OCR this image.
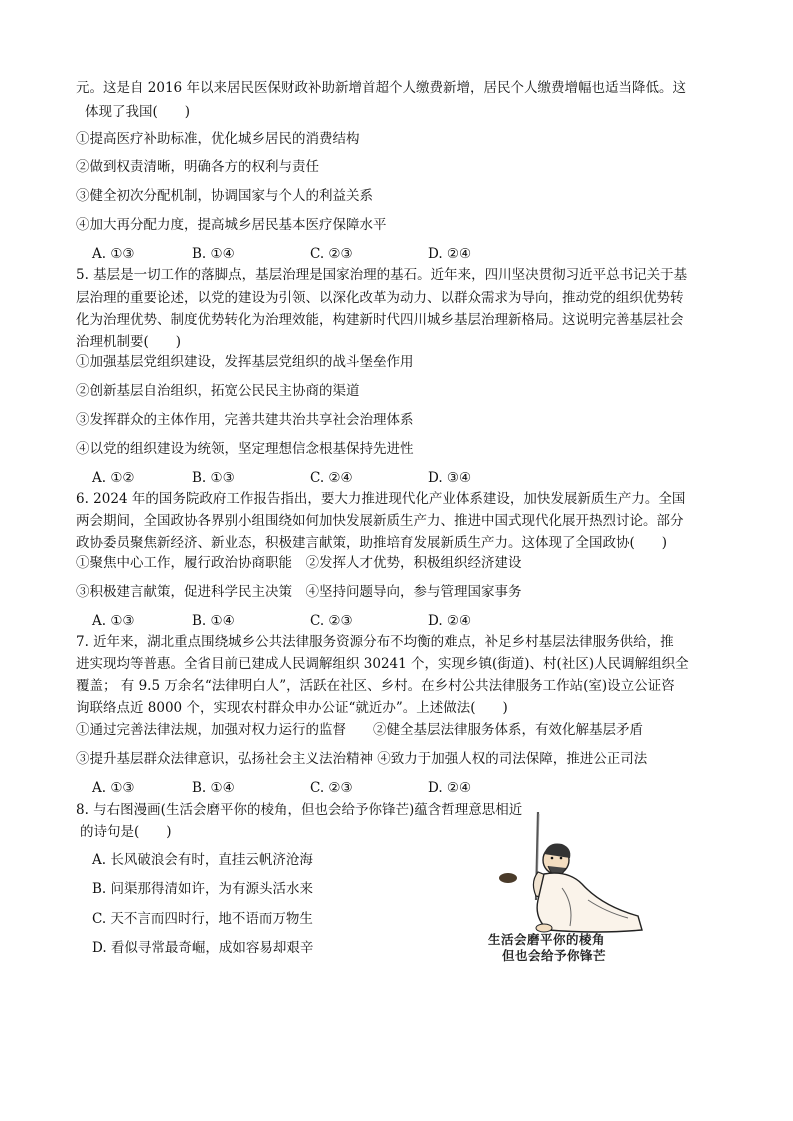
元。这是自 2016 年以来居民医保财政补助新增首超个人缴费新增，居民个人缴费增幅也适当降低。这
体现了我国(　　)
①提高医疗补助标准，优化城乡居民的消费结构
②做到权责清晰，明确各方的权利与责任
③健全初次分配机制，协调国家与个人的利益关系
④加大再分配力度，提高城乡居民基本医疗保障水平
A. ①③	B. ①④	C. ②③	D. ②④
5. 基层是一切工作的落脚点，基层治理是国家治理的基石。近年来，四川坚决贯彻习近平总书记关于基
层治理的重要论述，以党的建设为引领、以深化改革为动力、以群众需求为导向，推动党的组织优势转
化为治理优势、制度优势转化为治理效能，构建新时代四川城乡基层治理新格局。这说明完善基层社会
治理机制要(　　)
①加强基层党组织建设，发挥基层党组织的战斗堡垒作用
②创新基层自治组织，拓宽公民民主协商的渠道
③发挥群众的主体作用，完善共建共治共享社会治理体系
④以党的组织建设为统领，坚定理想信念根基保持先进性
A. ①②	B. ①③	C. ②④	D. ③④
6. 2024 年的国务院政府工作报告指出，要大力推进现代化产业体系建设，加快发展新质生产力。全国
两会期间，全国政协各界别小组围绕如何加快发展新质生产力、推进中国式现代化展开热烈讨论。部分
政协委员聚焦新经济、新业态，积极建言献策，助推培育发展新质生产力。这体现了全国政协(　　)
①聚焦中心工作，履行政治协商职能　②发挥人才优势，积极组织经济建设
③积极建言献策，促进科学民主决策　④坚持问题导向，参与管理国家事务
A. ①③	B. ①④	C. ②③	D. ②④
7. 近年来，湖北重点围绕城乡公共法律服务资源分布不均衡的难点，补足乡村基层法律服务供给，推
进实现均等普惠。全省目前已建成人民调解组织 30241 个，实现乡镇(街道)、村(社区)人民调解组织全
覆盖； 有 9.5 万余名“法律明白人”，活跃在社区、乡村。在乡村公共法律服务工作站(室)设立公证咨
询联络点近 8000 个，实现农村群众申办公证“就近办”。上述做法(　　)
①通过完善法律法规，加强对权力运行的监督　　②健全基层法律服务体系，有效化解基层矛盾
③提升基层群众法律意识，弘扬社会主义法治精神 ④致力于加强人权的司法保障，推进公正司法
A. ①③	B. ①④	C. ②③	D. ②④
8. 与右图漫画(生活会磨平你的棱角，但也会给予你锋芒)蕴含哲理意思相近
的诗句是(　　)
A. 长风破浪会有时，直挂云帆济沧海
B. 问渠那得清如许，为有源头活水来
C. 天不言而四时行，地不语而万物生
D. 看似寻常最奇崛，成如容易却艰辛
生活会磨平你的棱角
但也会给予你锋芒
